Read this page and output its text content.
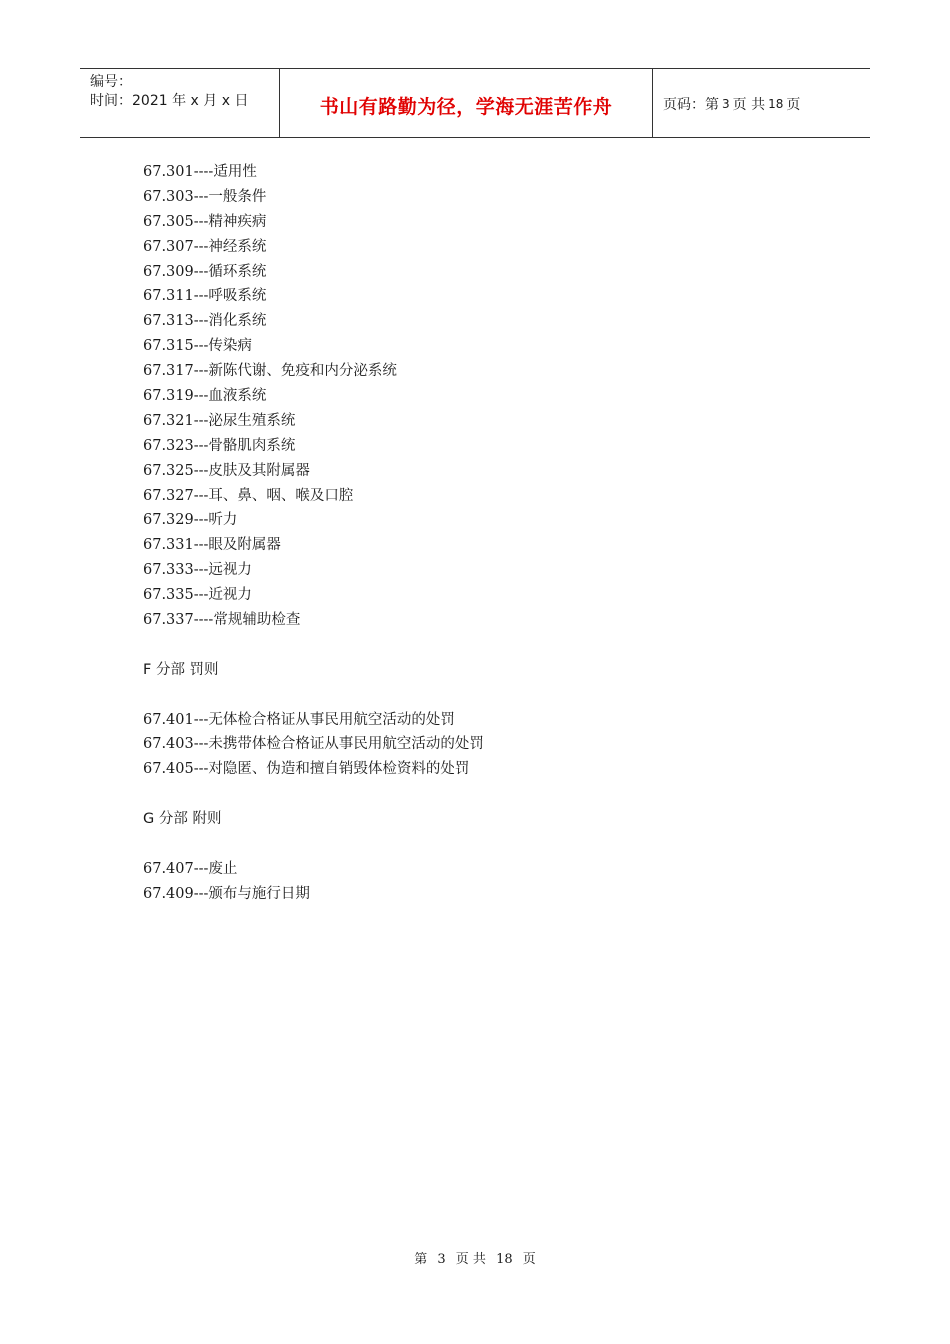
编号：
时间：2021 年 x 月 x 日	书山有路勤为径，学海无涯苦作舟	页码：第 3 页 共 18 页
67.301----适用性
67.303---一般条件
67.305---精神疾病
67.307---神经系统
67.309---循环系统
67.311---呼吸系统
67.313---消化系统
67.315---传染病
67.317---新陈代谢、免疫和内分泌系统
67.319---血液系统
67.321---泌尿生殖系统
67.323---骨骼肌肉系统
67.325---皮肤及其附属器
67.327---耳、鼻、咽、喉及口腔
67.329---听力
67.331---眼及附属器
67.333---远视力
67.335---近视力
67.337----常规辅助检查
F 分部 罚则
67.401---无体检合格证从事民用航空活动的处罚
67.403---未携带体检合格证从事民用航空活动的处罚
67.405---对隐匿、伪造和擅自销毁体检资料的处罚
G 分部 附则
67.407---废止
67.409---颁布与施行日期
第 3 页 共 18 页
